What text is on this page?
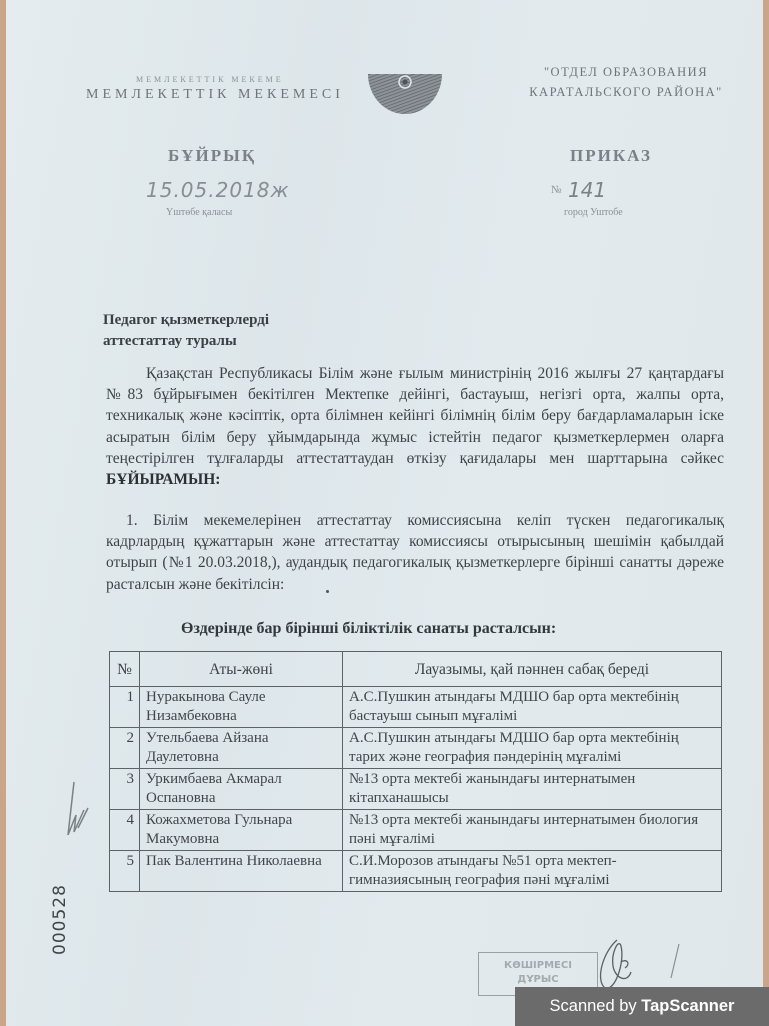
МЕМЛЕКЕТТІК МЕКЕМЕ
МЕМЛЕКЕТТІК МЕКЕМЕСІ
"ОТДЕЛ ОБРАЗОВАНИЯ
КАРАТАЛЬСКОГО РАЙОНА"
БҰЙРЫҚ	ПРИКАЗ
15.05.2018ж
Үштөбе қаласы
№ 141
город Уштобе
Педагог қызметкерлерді
аттестаттау туралы
Қазақстан Республикасы Білім және ғылым министрінің 2016 жылғы 27 қаңтардағы №83 бұйрығымен бекітілген Мектепке дейінгі, бастауыш, негізгі орта, жалпы орта, техникалық және кәсіптік, орта білімнен кейінгі білімнің білім беру бағдарламаларын іске асыратын білім беру ұйымдарында жұмыс істейтін педагог қызметкерлермен оларға теңестірілген тұлғаларды аттестаттаудан өткізу қағидалары мен шарттарына сәйкес БҰЙЫРАМЫН:
1. Білім мекемелерінен аттестаттау комиссиясына келіп түскен педагогикалық кадрлардың құжаттарын және аттестаттау комиссиясы отырысының шешімін қабылдай отырып (№1 20.03.2018,), аудандық педагогикалық қызметкерлерге бірінші санатты дәреже расталсын және бекітілсін:
Өздерінде бар бірінші біліктілік санаты расталсын:
№	Аты-жөні	Лауазымы, қай пәннен сабақ береді
1	Нуракынова Сауле Низамбековна	А.С.Пушкин атындағы МДШО бар орта мектебінің бастауыш сынып мұғалімі
2	Утельбаева Айзана Даулетовна	А.С.Пушкин атындағы МДШО бар орта мектебінің тарих және география пәндерінің мұғалімі
3	Уркимбаева Акмарал Оспановна	№13 орта мектебі жанындағы интернатымен кітапханашысы
4	Кожахметова Гульнара Макумовна	№13 орта мектебі жанындағы интернатымен биология пәні мұғалімі
5	Пак Валентина Николаевна	С.И.Морозов атындағы №51 орта мектеп-гимназиясының география пәні мұғалімі
000528
КӨШІРМЕСІ
ДҰРЫС
Scanned by TapScanner
